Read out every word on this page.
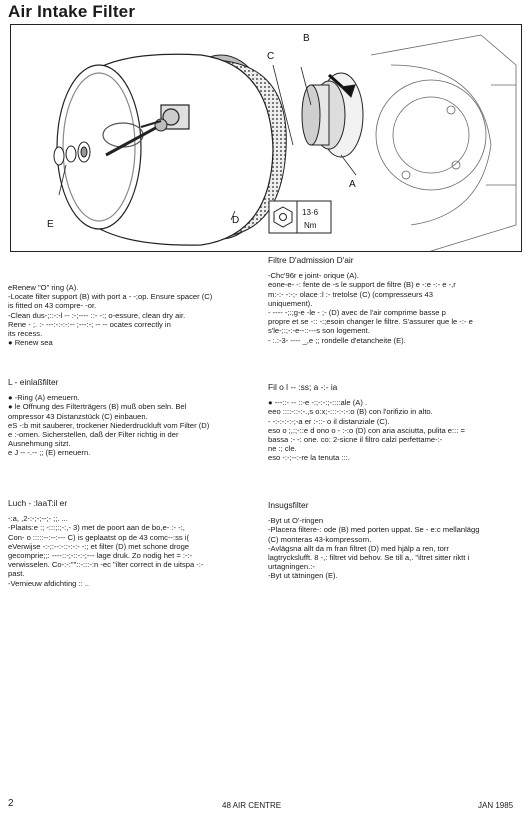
Air Intake Filter
13·6
Nm
A
B
C
D
E
eRenew "O" ring (A).
-Locate filter support (B) with port a - -;op. Ensure spacer (C)
is fitted on 43 compre- -or.
-Clean dus-;::-:-l -- :-;---- ::- -:; o-essure, clean dry air.
Rene - ;. :- ---:-:-:-:-- ;---:-; -- -- ocates correctly in
its recess.
● Renew sea
Filtre D'admission D'air
-Chc'96r e joint- orique (A).
eone-e- -: fente de -s le support de filtre (B) e -:e -:- e -,r
m:-:- -:-;- olace :l :- tretolse (C) (compresseurs 43
uniquement).
- ---- -;:;g-e -le - ;- (D) avec de l'air comprime basse p
propre et se -:: -:;esoin changer le filtre. S'assurer que le -:- e
s'le-;:;-:-e--::---s son logement.
- :.:-3- ---- _,e ;; rondelle d'etancheite (E).
L - einlaßfilter
● -Ring (A) erneuern.
● le Offnung des Filterträgers (B) muß oben seln. Bel
ompressor 43 Distanzstück (C) einbauen.
eS -:b mit sauberer, trockener Niederdruckluft vom Filter (D)
e :-omen. Sicherstellen, daß der Filter richtig in der
Ausnehmung sitzt.
e J -- -.-- ;; (E) erneuern.
Fil o l -- :ss; a -:- ia
● ---::- -- ::-e -:;-:-:;-::::ale (A) .
eeo ::::-::-:-.,s o:x;-:::-:-:-:o (B) con l'orifizio in alto.
- -:-:-:-:-;-a er :-::- o il distanziale (C).
eso o ;,:;-::e d ono o - :-:o (D) con aria asciutta, pulita e::: =
bassa :- -: one. co: 2-sicne il filtro calzi perfettame-:-
ne :; cle.
eso -:-;--:-re la tenuta :::.
Luch - :laaT:il er
-:a, ,2-:-;-;--;- ;;. ...
-Plaats:e :; -:::;:;-:,- 3) met de poort aan de bo,e- :- -:,
Con- o :::::--:--:--- C) is geplaatst op de 43 comc--:ss i(
eVerwijse -:-;:--:-::-:-:- -:; et filter (D) met schone droge
gecomprie;;: ----::-;-::-:-;--- lage druk. Zo nodig het = :-:-
verwisselen. Co-:-:""::-:::-:n -ec "ilter correct in de uitspa -:-
past.
-Vernieuw afdichting :: ..
Insugsfilter
-Byt ut O'-ringen
-Placera filtere-: ode (B) med porten uppat. Se - e:c mellanlägg
(C) monteras 43-kompressorn.
-Avlägsna allt da m fran filtret (D) med hjälp a ren, torr
lagtryckslufft. 8 -,: filtret vid behov. Se till a,. "iltret sitter riktt i
urtagningen.:-
-Byt ut tätningen (E).
2	48 AIR CENTRE	JAN 1985
